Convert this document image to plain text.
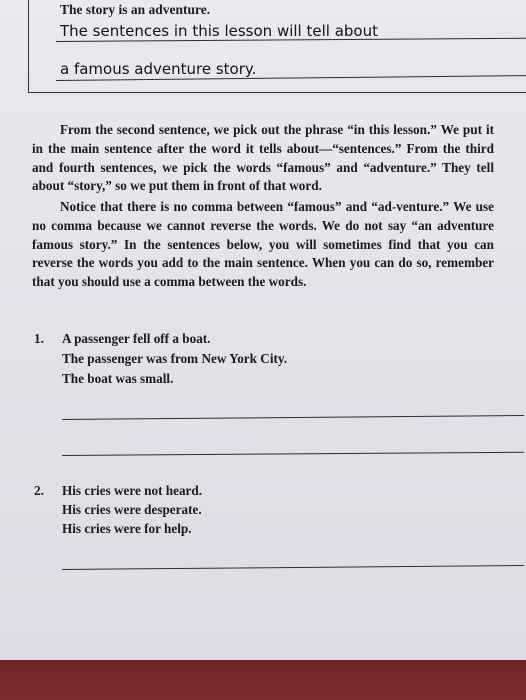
The story is an adventure.
The sentences in this lesson will tell about
a famous adventure story.

From the second sentence, we pick out the phrase “in this lesson.” We put it in the main sentence after the word it tells about—“sentences.” From the third and fourth sentences, we pick the words “famous” and “adventure.” They tell about “story,” so we put them in front of that word.

Notice that there is no comma between “famous” and “ad-venture.” We use no comma because we cannot reverse the words. We do not say “an adventure famous story.” In the sentences below, you will sometimes find that you can reverse the words you add to the main sentence. When you can do so, remember that you should use a comma between the words.

1. A passenger fell off a boat.
The passenger was from New York City.
The boat was small.
2. His cries were not heard.
His cries were desperate.
His cries were for help.
